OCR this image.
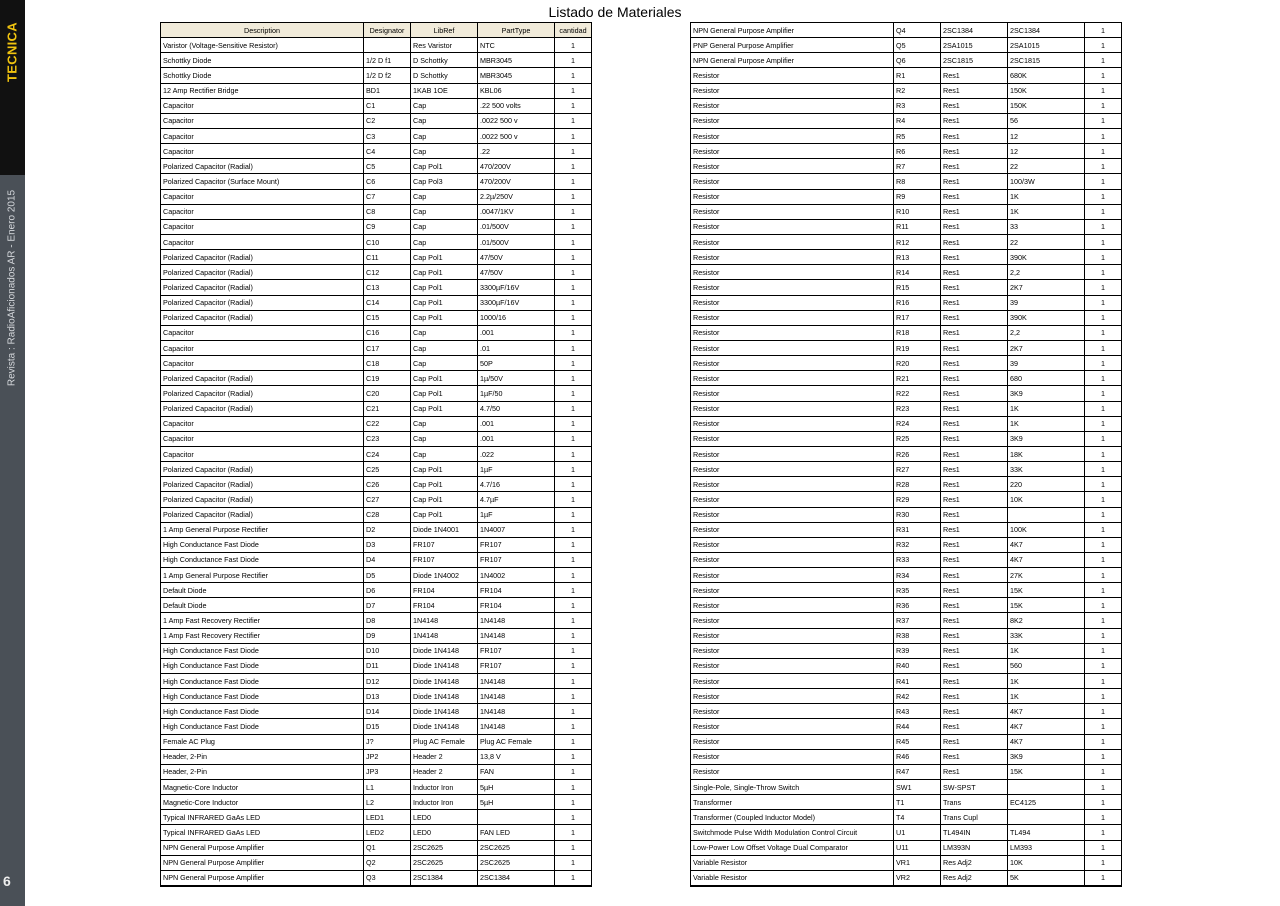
TECNICA
Revista : RadioAficionados AR - Enero 2015
6
Listado de Materiales
Description	Designator	LibRef	PartType	cantidad
Varistor (Voltage-Sensitive Resistor)		Res Varistor	NTC	1
Schottky Diode	1/2 D f1	D Schottky	MBR3045	1
Schottky Diode	1/2 D f2	D Schottky	MBR3045	1
12 Amp Rectifier Bridge	BD1	1KAB 1OE	KBL06	1
Capacitor	C1	Cap	.22 500 volts	1
Capacitor	C2	Cap	.0022 500 v	1
Capacitor	C3	Cap	.0022 500 v	1
Capacitor	C4	Cap	.22	1
Polarized Capacitor (Radial)	C5	Cap Pol1	470/200V	1
Polarized Capacitor (Surface Mount)	C6	Cap Pol3	470/200V	1
Capacitor	C7	Cap	2.2µ/250V	1
Capacitor	C8	Cap	.0047/1KV	1
Capacitor	C9	Cap	.01/500V	1
Capacitor	C10	Cap	.01/500V	1
Polarized Capacitor (Radial)	C11	Cap Pol1	47/50V	1
Polarized Capacitor (Radial)	C12	Cap Pol1	47/50V	1
Polarized Capacitor (Radial)	C13	Cap Pol1	3300µF/16V	1
Polarized Capacitor (Radial)	C14	Cap Pol1	3300µF/16V	1
Polarized Capacitor (Radial)	C15	Cap Pol1	1000/16	1
Capacitor	C16	Cap	.001	1
Capacitor	C17	Cap	.01	1
Capacitor	C18	Cap	50P	1
Polarized Capacitor (Radial)	C19	Cap Pol1	1µ/50V	1
Polarized Capacitor (Radial)	C20	Cap Pol1	1µF/50	1
Polarized Capacitor (Radial)	C21	Cap Pol1	4.7/50	1
Capacitor	C22	Cap	.001	1
Capacitor	C23	Cap	.001	1
Capacitor	C24	Cap	.022	1
Polarized Capacitor (Radial)	C25	Cap Pol1	1µF	1
Polarized Capacitor (Radial)	C26	Cap Pol1	4.7/16	1
Polarized Capacitor (Radial)	C27	Cap Pol1	4.7µF	1
Polarized Capacitor (Radial)	C28	Cap Pol1	1µF	1
1 Amp General Purpose Rectifier	D2	Diode 1N4001	1N4007	1
High Conductance Fast Diode	D3	FR107	FR107	1
High Conductance Fast Diode	D4	FR107	FR107	1
1 Amp General Purpose Rectifier	D5	Diode 1N4002	1N4002	1
Default Diode	D6	FR104	FR104	1
Default Diode	D7	FR104	FR104	1
1 Amp Fast Recovery Rectifier	D8	1N4148	1N4148	1
1 Amp Fast Recovery Rectifier	D9	1N4148	1N4148	1
High Conductance Fast Diode	D10	Diode 1N4148	FR107	1
High Conductance Fast Diode	D11	Diode 1N4148	FR107	1
High Conductance Fast Diode	D12	Diode 1N4148	1N4148	1
High Conductance Fast Diode	D13	Diode 1N4148	1N4148	1
High Conductance Fast Diode	D14	Diode 1N4148	1N4148	1
High Conductance Fast Diode	D15	Diode 1N4148	1N4148	1
Female AC Plug	J?	Plug AC Female	Plug AC Female	1
Header, 2-Pin	JP2	Header 2	13,8 V	1
Header, 2-Pin	JP3	Header 2	FAN	1
Magnetic-Core Inductor	L1	Inductor Iron	5µH	1
Magnetic-Core Inductor	L2	Inductor Iron	5µH	1
Typical INFRARED GaAs LED	LED1	LED0		1
Typical INFRARED GaAs LED	LED2	LED0	FAN LED	1
NPN General Purpose Amplifier	Q1	2SC2625	2SC2625	1
NPN General Purpose Amplifier	Q2	2SC2625	2SC2625	1
NPN General Purpose Amplifier	Q3	2SC1384	2SC1384	1
NPN General Purpose Amplifier	Q4	2SC1384	2SC1384	1
PNP General Purpose Amplifier	Q5	2SA1015	2SA1015	1
NPN General Purpose Amplifier	Q6	2SC1815	2SC1815	1
Resistor	R1	Res1	680K	1
Resistor	R2	Res1	150K	1
Resistor	R3	Res1	150K	1
Resistor	R4	Res1	56	1
Resistor	R5	Res1	12	1
Resistor	R6	Res1	12	1
Resistor	R7	Res1	22	1
Resistor	R8	Res1	100/3W	1
Resistor	R9	Res1	1K	1
Resistor	R10	Res1	1K	1
Resistor	R11	Res1	33	1
Resistor	R12	Res1	22	1
Resistor	R13	Res1	390K	1
Resistor	R14	Res1	2,2	1
Resistor	R15	Res1	2K7	1
Resistor	R16	Res1	39	1
Resistor	R17	Res1	390K	1
Resistor	R18	Res1	2,2	1
Resistor	R19	Res1	2K7	1
Resistor	R20	Res1	39	1
Resistor	R21	Res1	680	1
Resistor	R22	Res1	3K9	1
Resistor	R23	Res1	1K	1
Resistor	R24	Res1	1K	1
Resistor	R25	Res1	3K9	1
Resistor	R26	Res1	18K	1
Resistor	R27	Res1	33K	1
Resistor	R28	Res1	220	1
Resistor	R29	Res1	10K	1
Resistor	R30	Res1		1
Resistor	R31	Res1	100K	1
Resistor	R32	Res1	4K7	1
Resistor	R33	Res1	4K7	1
Resistor	R34	Res1	27K	1
Resistor	R35	Res1	15K	1
Resistor	R36	Res1	15K	1
Resistor	R37	Res1	8K2	1
Resistor	R38	Res1	33K	1
Resistor	R39	Res1	1K	1
Resistor	R40	Res1	560	1
Resistor	R41	Res1	1K	1
Resistor	R42	Res1	1K	1
Resistor	R43	Res1	4K7	1
Resistor	R44	Res1	4K7	1
Resistor	R45	Res1	4K7	1
Resistor	R46	Res1	3K9	1
Resistor	R47	Res1	15K	1
Single-Pole, Single-Throw Switch	SW1	SW-SPST		1
Transformer	T1	Trans	EC4125	1
Transformer (Coupled Inductor Model)	T4	Trans Cupl		1
Switchmode Pulse Width Modulation Control Circuit	U1	TL494IN	TL494	1
Low-Power Low Offset Voltage Dual Comparator	U11	LM393N	LM393	1
Variable Resistor	VR1	Res Adj2	10K	1
Variable Resistor	VR2	Res Adj2	5K	1
